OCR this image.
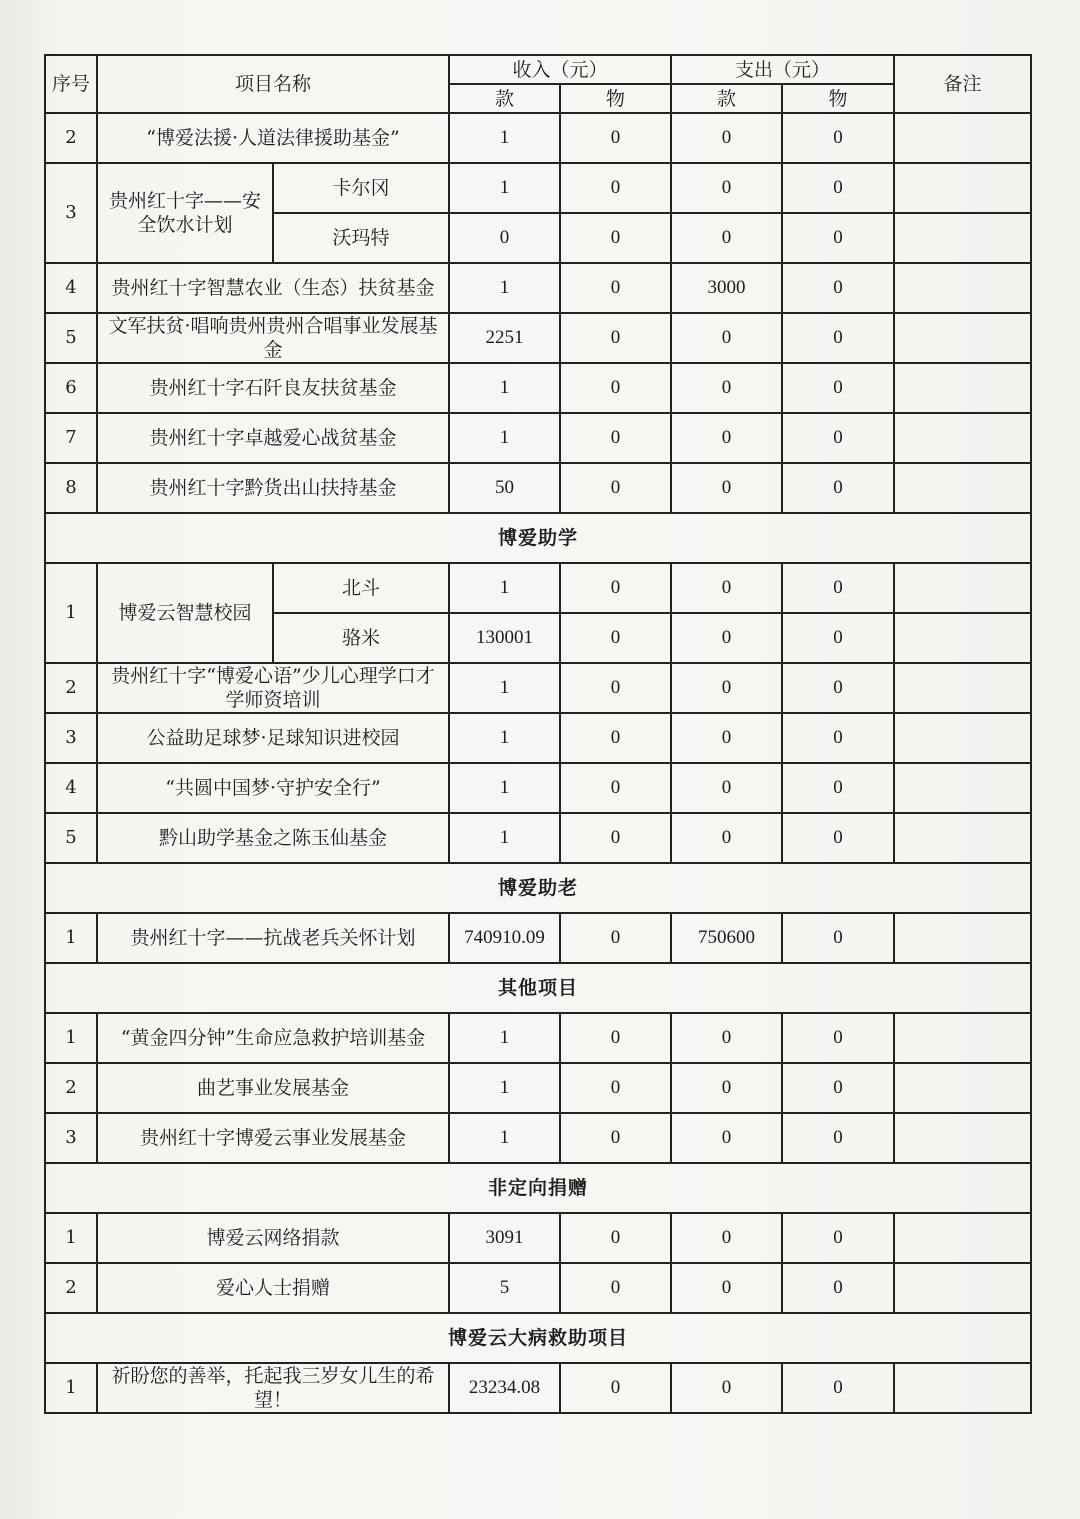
序号	项目名称		收入（元）		支出（元）		备注
			款	物	款	物	
2	“博爱法援·人道法律援助基金”		1	0	0	0	
3	贵州红十字——安全饮水计划	卡尔冈	1	0	0	0	
		沃玛特	0	0	0	0	
4	贵州红十字智慧农业（生态）扶贫基金		1	0	3000	0	
5	文军扶贫·唱响贵州贵州合唱事业发展基金		2251	0	0	0	
6	贵州红十字石阡良友扶贫基金		1	0	0	0	
7	贵州红十字卓越爱心战贫基金		1	0	0	0	
8	贵州红十字黔货出山扶持基金		50	0	0	0	
博爱助学							
1	博爱云智慧校园	北斗	1	0	0	0	
		骆米	130001	0	0	0	
2	贵州红十字“博爱心语”少儿心理学口才学师资培训		1	0	0	0	
3	公益助足球梦·足球知识进校园		1	0	0	0	
4	“共圆中国梦·守护安全行”		1	0	0	0	
5	黔山助学基金之陈玉仙基金		1	0	0	0	
博爱助老							
1	贵州红十字——抗战老兵关怀计划		740910.09	0	750600	0	
其他项目							
1	“黄金四分钟”生命应急救护培训基金		1	0	0	0	
2	曲艺事业发展基金		1	0	0	0	
3	贵州红十字博爱云事业发展基金		1	0	0	0	
非定向捐赠							
1	博爱云网络捐款		3091	0	0	0	
2	爱心人士捐赠		5	0	0	0	
博爱云大病救助项目							
1	祈盼您的善举，托起我三岁女儿生的希望！		23234.08	0	0	0	
